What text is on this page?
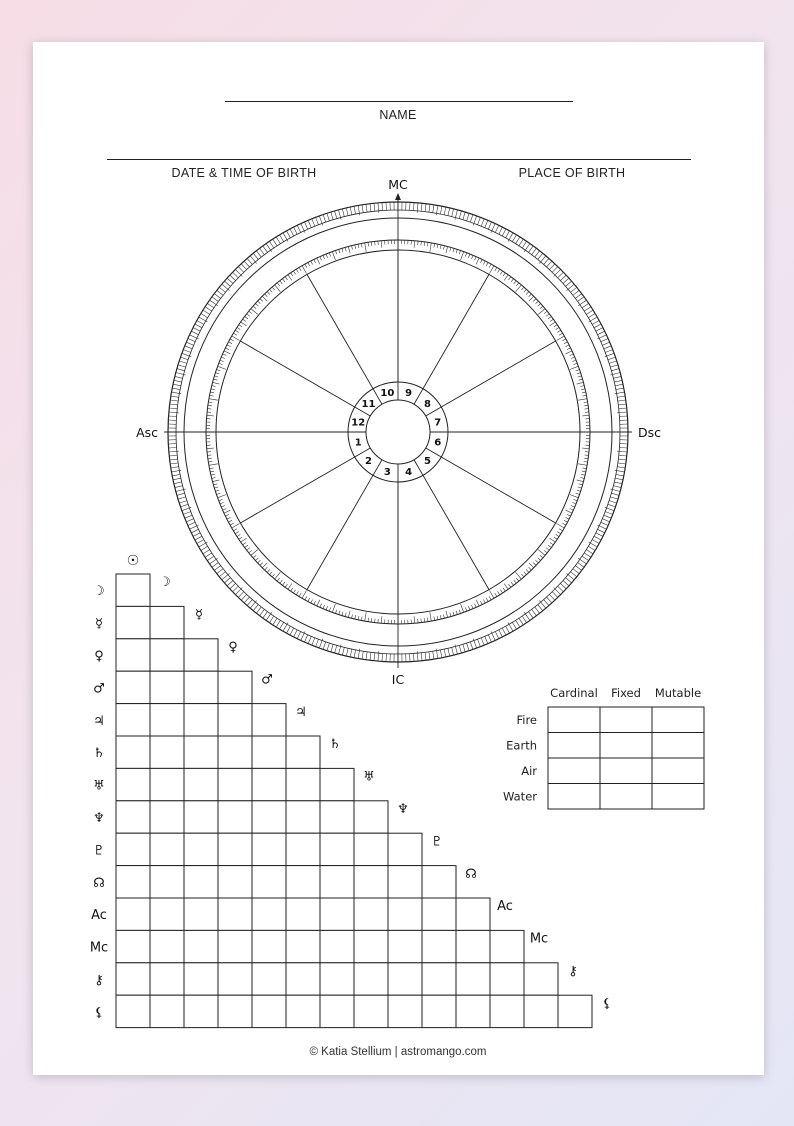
NAME
DATE & TIME OF BIRTH	PLACE OF BIRTH
1
2
3 4
5
6
7
8
9
10
11
12
MC
IC
Asc	Dsc
☽
☽
☿
☿
♀
♀
♂
♂
♃
♃
♄
♄
♅
♅
♆
♆
♇
♇
☊
☊
Ac
Ac
Mc
Mc
⚷
⚷
⚸
⚸
☉
Cardinal Fixed Mutable
Fire
Earth
Air
Water
© Katia Stellium | astromango.com
